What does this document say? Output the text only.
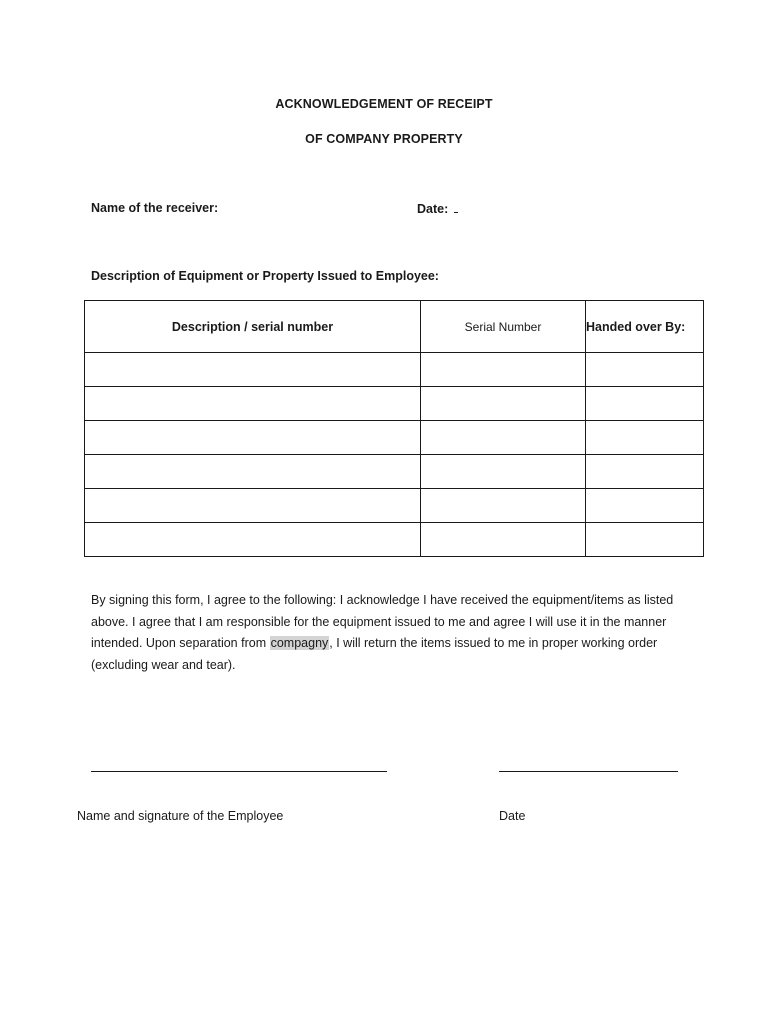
ACKNOWLEDGEMENT OF RECEIPT
OF COMPANY PROPERTY
Name of the receiver:	Date:
Description of Equipment or Property Issued to Employee:
Description / serial number	Serial Number	Handed over By:

By signing this form, I agree to the following: I acknowledge I have received the equipment/items as listed above. I agree that I am responsible for the equipment issued to me and agree I will use it in the manner intended. Upon separation from compagny, I will return the items issued to me in proper working order (excluding wear and tear).
Name and signature of the Employee	Date
